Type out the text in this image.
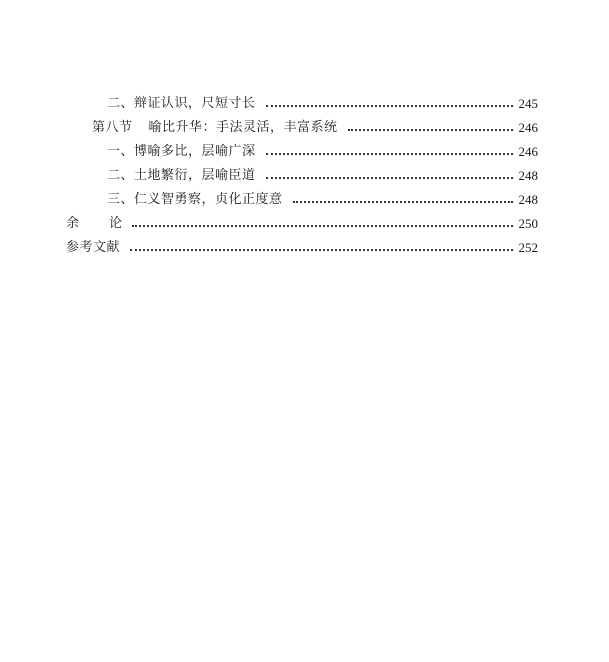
二、辩证认识，尺短寸长	245
第八节 喻比升华：手法灵活，丰富系统	246
一、博喻多比，层喻广深	246
二、土地繁衍，层喻臣道	248
三、仁义智勇察，贞化正度意	248
余 论	250
参考文献	252
